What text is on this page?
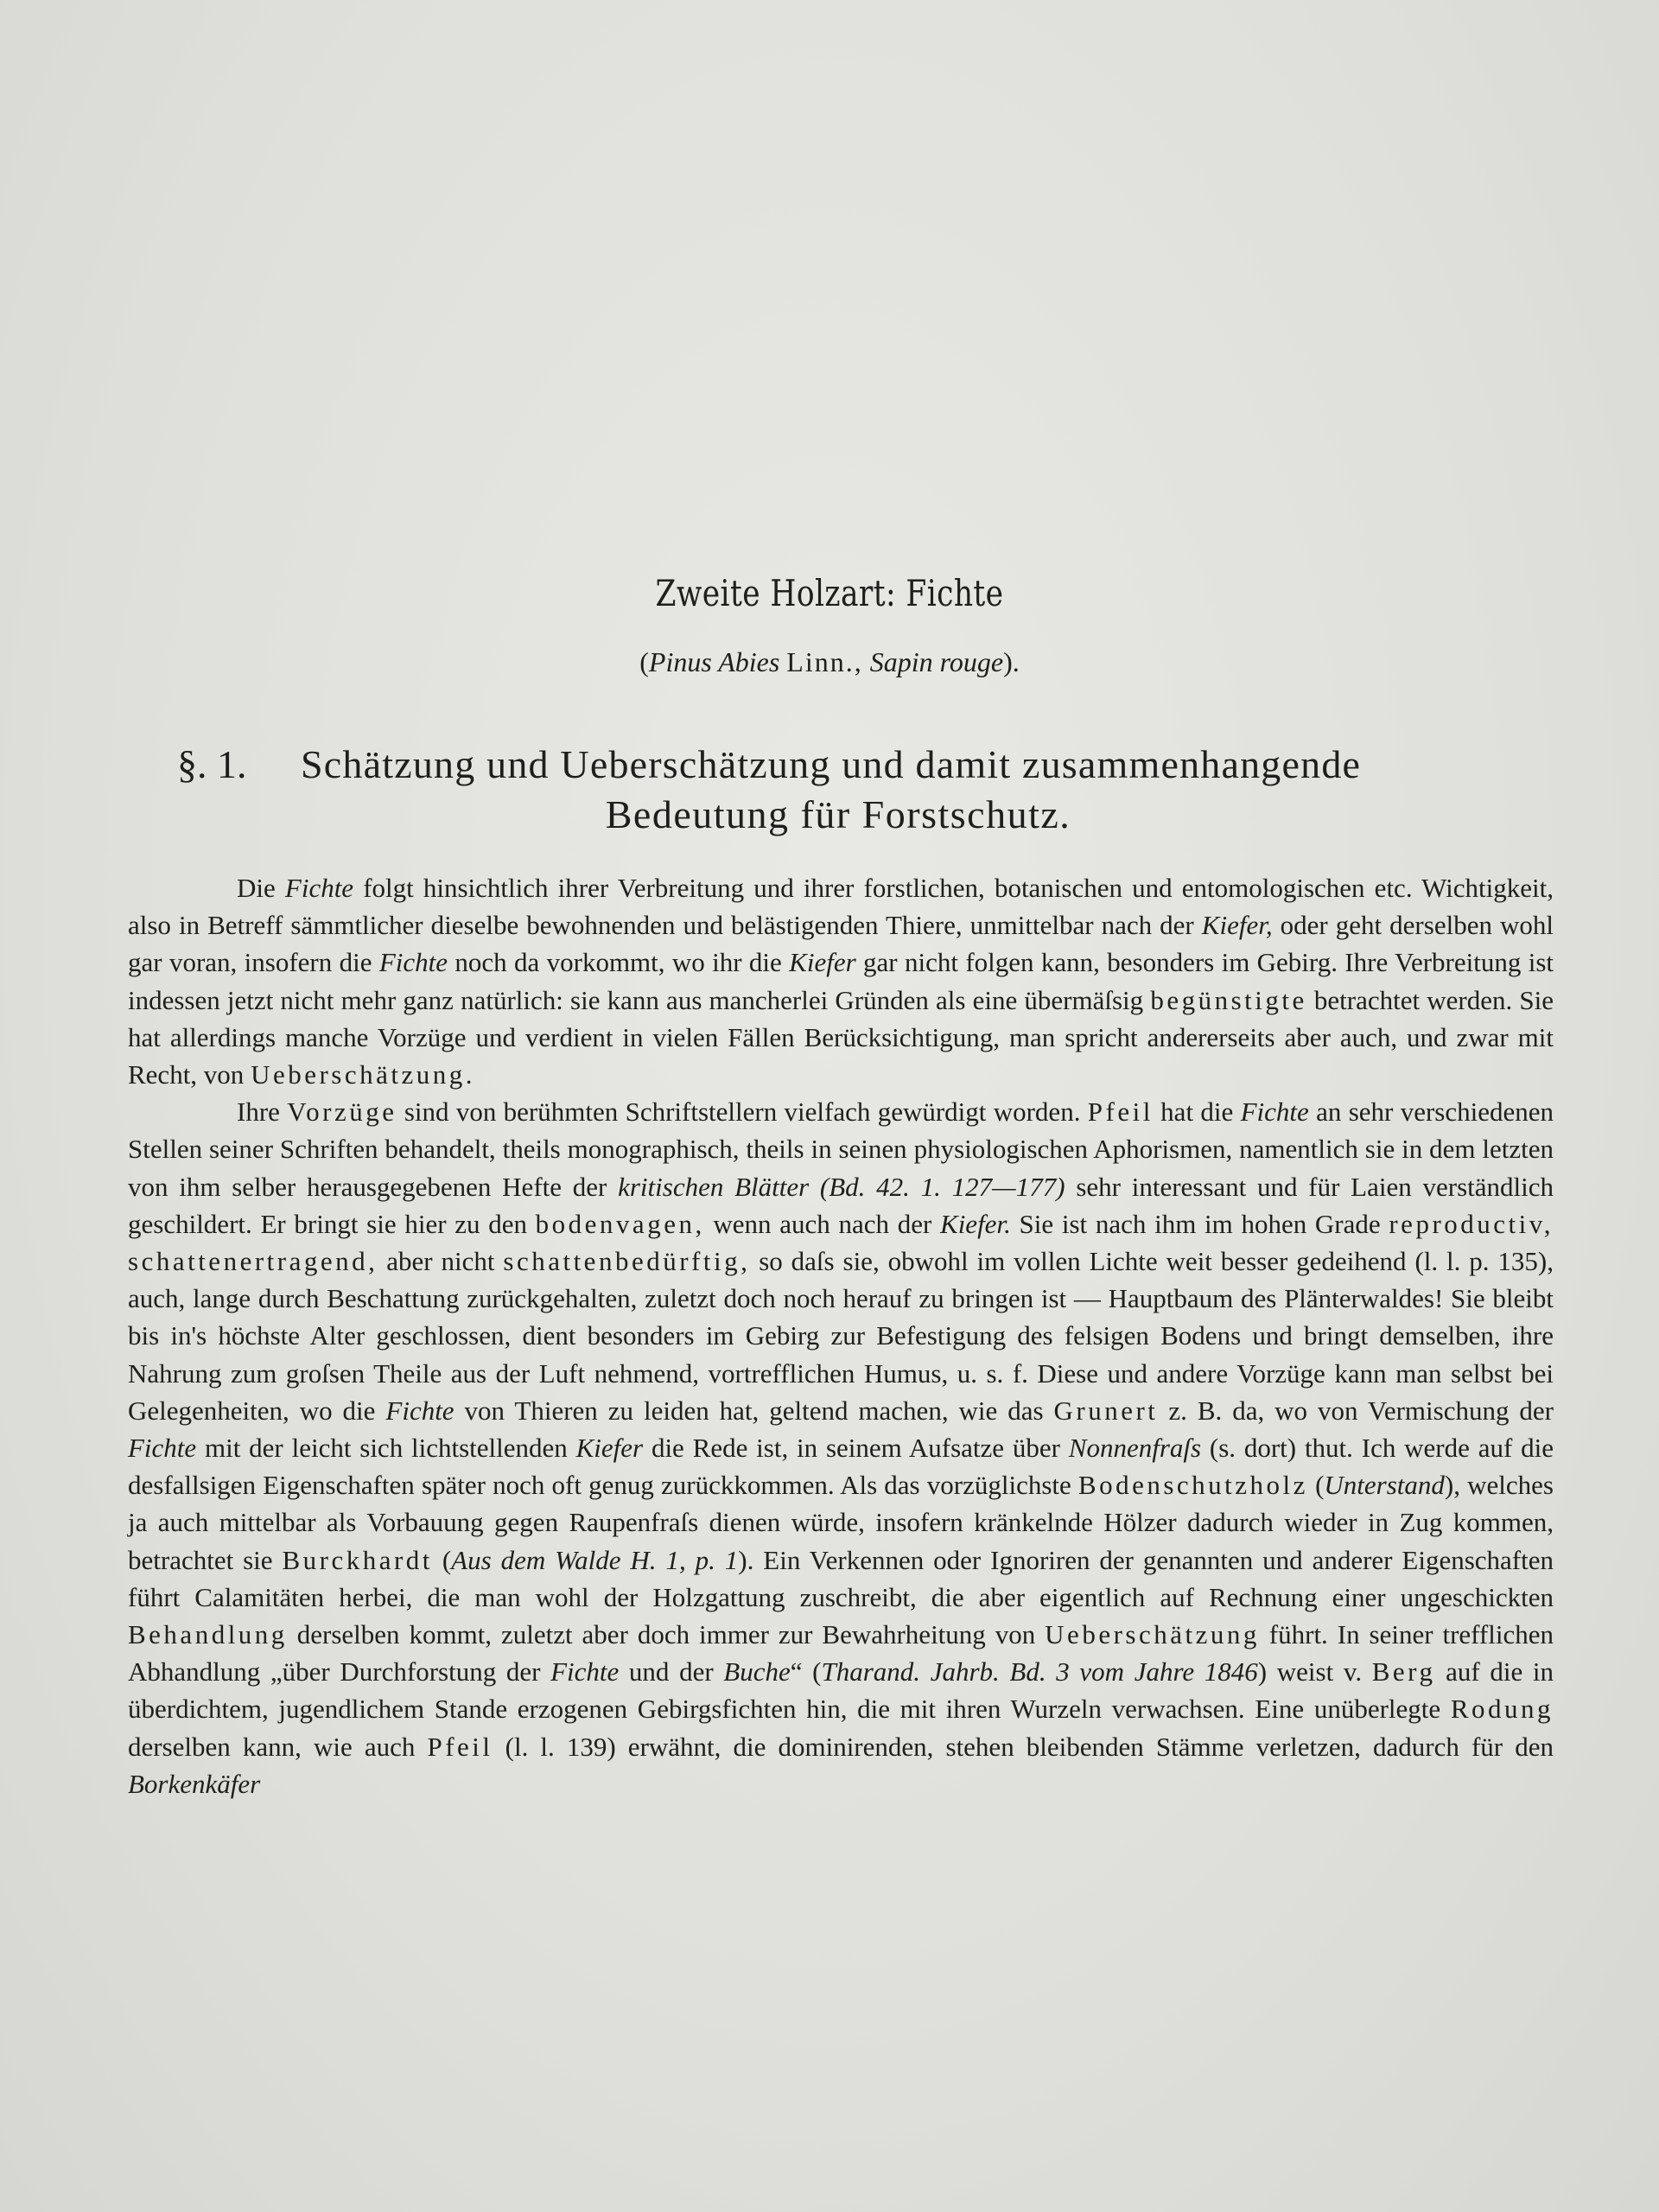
Zweite Holzart: Fichte
(Pinus Abies Linn., Sapin rouge).
§. 1. Schätzung und Ueberschätzung und damit zusammenhangende
Bedeutung für Forstschutz.

Die Fichte folgt hinsichtlich ihrer Verbreitung und ihrer forstlichen, botanischen und entomologischen etc. Wichtigkeit, also in Betreff sämmtlicher dieselbe bewohnenden und belästigenden Thiere, unmittelbar nach der Kiefer, oder geht derselben wohl gar voran, insofern die Fichte noch da vorkommt, wo ihr die Kiefer gar nicht folgen kann, besonders im Gebirg. Ihre Verbreitung ist indessen jetzt nicht mehr ganz natürlich: sie kann aus mancherlei Gründen als eine übermäſsig begünstigte betrachtet werden. Sie hat allerdings manche Vorzüge und verdient in vielen Fällen Berücksichtigung, man spricht andererseits aber auch, und zwar mit Recht, von Ueberschätzung.

Ihre Vorzüge sind von berühmten Schriftstellern vielfach gewürdigt worden. Pfeil hat die Fichte an sehr verschiedenen Stellen seiner Schriften behandelt, theils monographisch, theils in seinen physiologischen Aphorismen, namentlich sie in dem letzten von ihm selber herausgegebenen Hefte der kritischen Blätter (Bd. 42. 1. 127—177) sehr interessant und für Laien verständlich geschildert. Er bringt sie hier zu den bodenvagen, wenn auch nach der Kiefer. Sie ist nach ihm im hohen Grade reproductiv, schattenertragend, aber nicht schattenbedürftig, so daſs sie, obwohl im vollen Lichte weit besser gedeihend (l. l. p. 135), auch, lange durch Beschattung zurückgehalten, zuletzt doch noch herauf zu bringen ist — Hauptbaum des Plänterwaldes! Sie bleibt bis in's höchste Alter geschlossen, dient besonders im Gebirg zur Befestigung des felsigen Bodens und bringt demselben, ihre Nahrung zum groſsen Theile aus der Luft nehmend, vortrefflichen Humus, u. s. f. Diese und andere Vorzüge kann man selbst bei Gelegenheiten, wo die Fichte von Thieren zu leiden hat, geltend machen, wie das Grunert z. B. da, wo von Vermischung der Fichte mit der leicht sich lichtstellenden Kiefer die Rede ist, in seinem Aufsatze über Nonnenfraſs (s. dort) thut. Ich werde auf die desfallsigen Eigenschaften später noch oft genug zurückkommen. Als das vorzüglichste Bodenschutzholz (Unterstand), welches ja auch mittelbar als Vorbauung gegen Raupenfraſs dienen würde, insofern kränkelnde Hölzer dadurch wieder in Zug kommen, betrachtet sie Burckhardt (Aus dem Walde H. 1, p. 1). Ein Verkennen oder Ignoriren der genannten und anderer Eigenschaften führt Calamitäten herbei, die man wohl der Holzgattung zuschreibt, die aber eigentlich auf Rechnung einer ungeschickten Behandlung derselben kommt, zuletzt aber doch immer zur Bewahrheitung von Ueberschätzung führt. In seiner trefflichen Abhandlung „über Durchforstung der Fichte und der Buche“ (Tharand. Jahrb. Bd. 3 vom Jahre 1846) weist v. Berg auf die in überdichtem, jugendlichem Stande erzogenen Gebirgsfichten hin, die mit ihren Wurzeln verwachsen. Eine unüberlegte Rodung derselben kann, wie auch Pfeil (l. l. 139) erwähnt, die dominirenden, stehen bleibenden Stämme verletzen, dadurch für den Borkenkäfer
